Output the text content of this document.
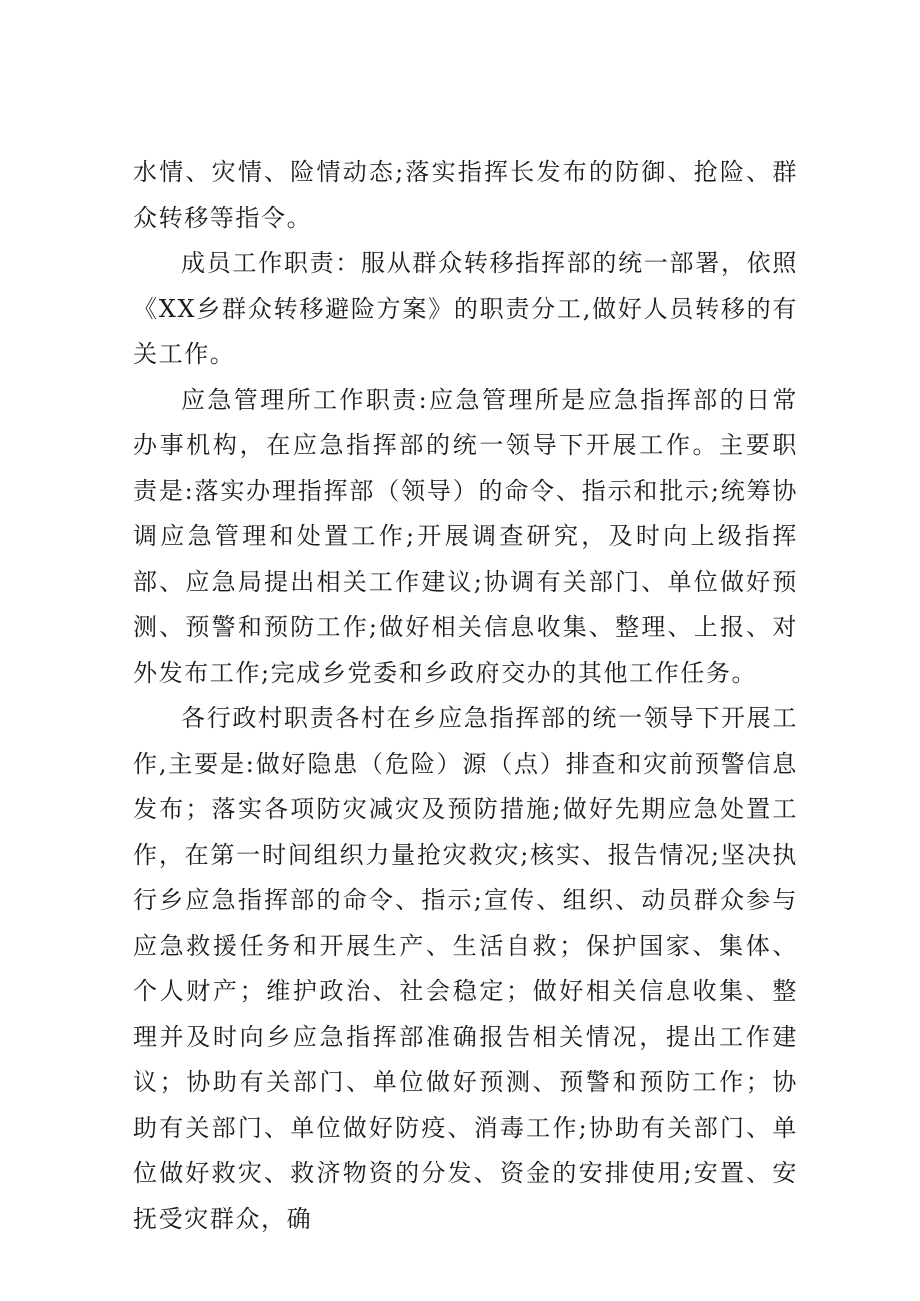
水情、灾情、险情动态;落实指挥长发布的防御、抢险、群众转移等指令。

成员工作职责：服从群众转移指挥部的统一部署，依照《XX乡群众转移避险方案》的职责分工,做好人员转移的有关工作。

应急管理所工作职责:应急管理所是应急指挥部的日常办事机构，在应急指挥部的统一领导下开展工作。主要职责是:落实办理指挥部（领导）的命令、指示和批示;统筹协调应急管理和处置工作;开展调查研究，及时向上级指挥部、应急局提出相关工作建议;协调有关部门、单位做好预测、预警和预防工作;做好相关信息收集、整理、上报、对外发布工作;完成乡党委和乡政府交办的其他工作任务。

各行政村职责各村在乡应急指挥部的统一领导下开展工作,主要是:做好隐患（危险）源（点）排查和灾前预警信息发布；落实各项防灾减灾及预防措施;做好先期应急处置工作，在第一时间组织力量抢灾救灾;核实、报告情况;坚决执行乡应急指挥部的命令、指示;宣传、组织、动员群众参与应急救援任务和开展生产、生活自救；保护国家、集体、个人财产；维护政治、社会稳定；做好相关信息收集、整理并及时向乡应急指挥部准确报告相关情况，提出工作建议；协助有关部门、单位做好预测、预警和预防工作；协助有关部门、单位做好防疫、消毒工作;协助有关部门、单位做好救灾、救济物资的分发、资金的安排使用;安置、安抚受灾群众，确
